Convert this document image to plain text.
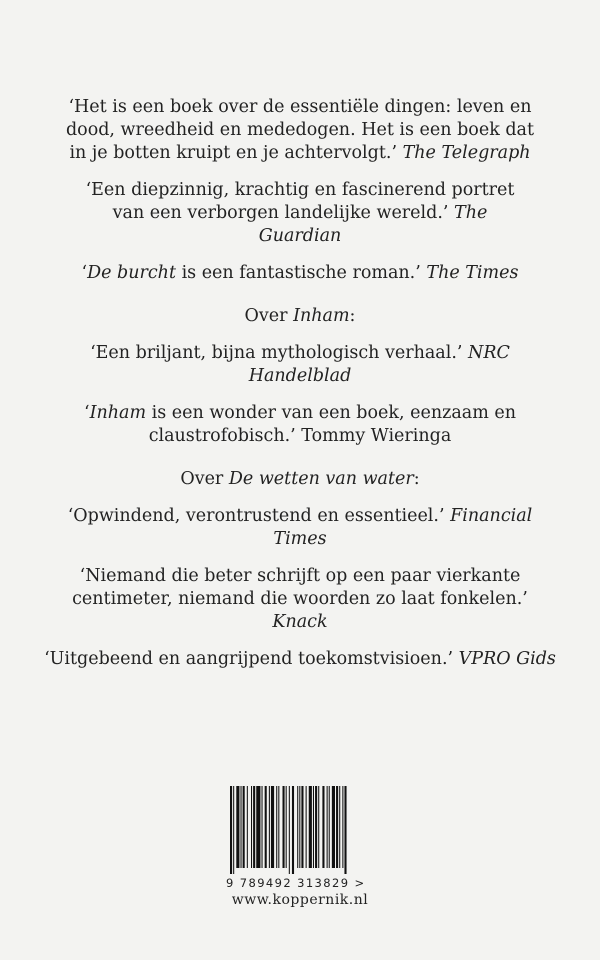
‘Het is een boek over de essentiële dingen: leven en dood, wreedheid en mededogen. Het is een boek dat in je botten kruipt en je achtervolgt.’ The Telegraph

‘Een diepzinnig, krachtig en fascinerend portret van een verborgen landelijke wereld.’ The Guardian

‘De burcht is een fantastische roman.’ The Times

Over Inham:

‘Een briljant, bijna mythologisch verhaal.’ NRC Handelblad

‘Inham is een wonder van een boek, eenzaam en claustrofobisch.’ Tommy Wieringa

Over De wetten van water:

‘Opwindend, verontrustend en essentieel.’ Financial Times

‘Niemand die beter schrijft op een paar vierkante centimeter, niemand die woorden zo laat fonkelen.’
Knack

‘Uitgebeend en aangrijpend toekomstvisioen.’ VPRO Gids

9 789492 313829 >
www.koppernik.nl
